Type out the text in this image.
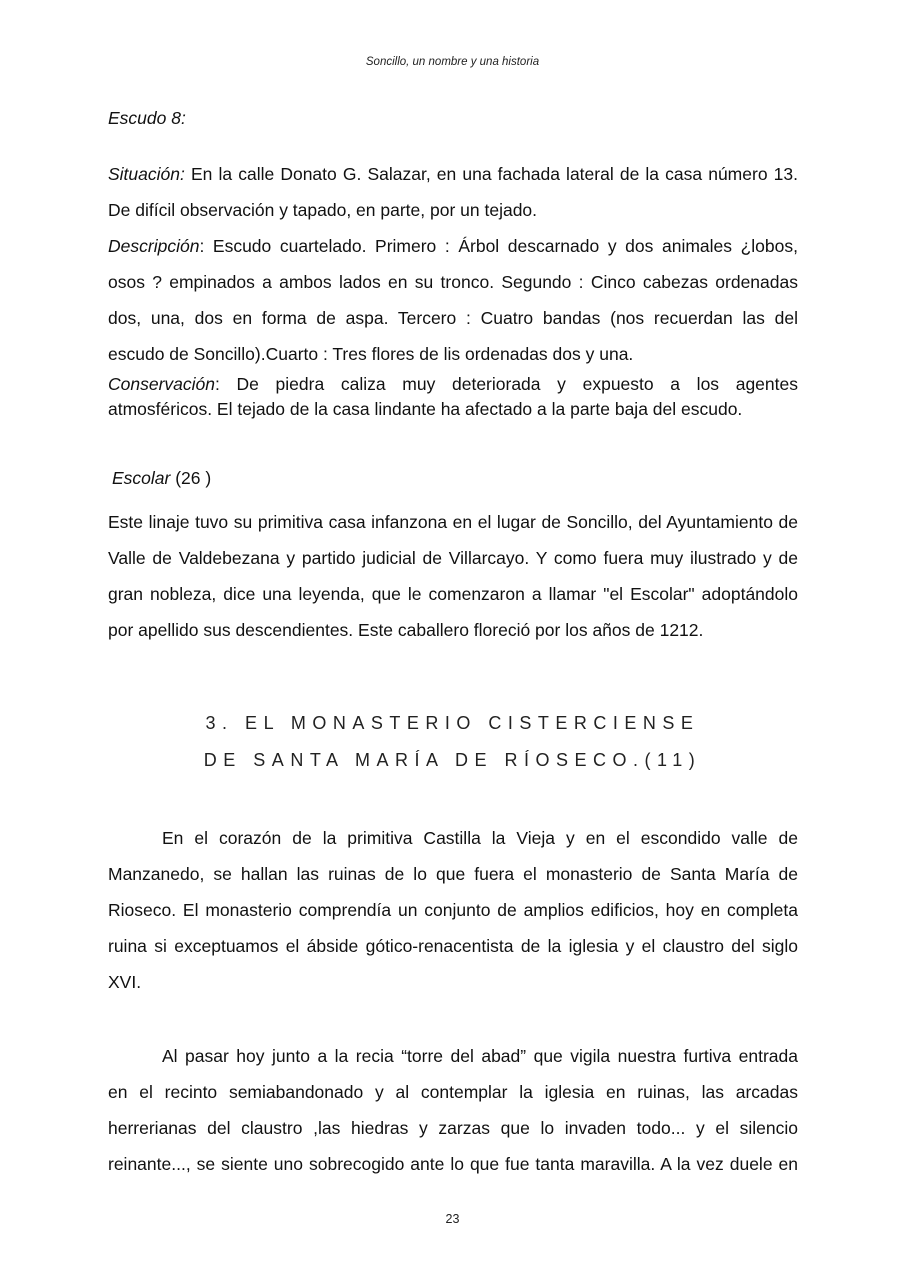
Soncillo, un nombre y una historia
Escudo 8:
Situación: En la calle Donato G. Salazar, en una fachada lateral de la casa número 13.
De difícil observación y tapado, en parte, por un tejado.
Descripción: Escudo cuartelado. Primero : Árbol descarnado y dos animales ¿lobos,
osos ? empinados a ambos lados en su tronco. Segundo : Cinco cabezas ordenadas
dos, una, dos en forma de aspa. Tercero : Cuatro bandas (nos recuerdan las del
escudo de Soncillo).Cuarto : Tres flores de lis ordenadas dos y una.
Conservación: De piedra caliza muy deteriorada y expuesto a los agentes
atmosféricos. El tejado de la casa lindante ha afectado a la parte baja del escudo.
Escolar (26 )
Este linaje tuvo su primitiva casa infanzona en el lugar de Soncillo, del Ayuntamiento de
Valle de Valdebezana y partido judicial de Villarcayo. Y como fuera muy ilustrado y de
gran nobleza, dice una leyenda, que le comenzaron a llamar "el Escolar" adoptándolo
por apellido sus descendientes. Este caballero floreció por los años de 1212.
3. EL MONASTERIO CISTERCIENSE
DE SANTA MARÍA DE RÍOSECO.(11)
En el corazón de la primitiva Castilla la Vieja y en el escondido valle de
Manzanedo, se hallan las ruinas de lo que fuera el monasterio de Santa María de
Rioseco. El monasterio comprendía un conjunto de amplios edificios, hoy en completa
ruina si exceptuamos el ábside gótico-renacentista de la iglesia y el claustro del siglo
XVI.
Al pasar hoy junto a la recia “torre del abad” que vigila nuestra furtiva entrada
en el recinto semiabandonado y al contemplar la iglesia en ruinas, las arcadas
herrerianas del claustro ,las hiedras y zarzas que lo invaden todo... y el silencio
reinante..., se siente uno sobrecogido ante lo que fue tanta maravilla. A la vez duele en
23
